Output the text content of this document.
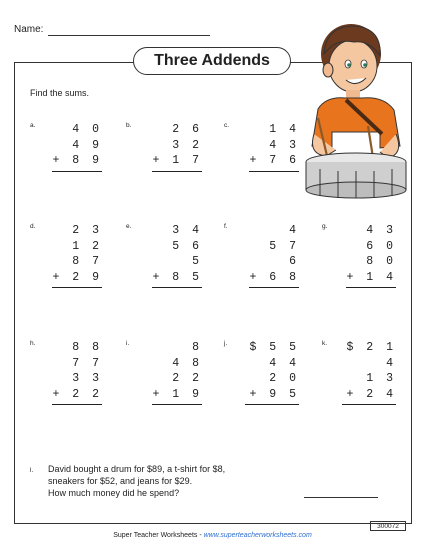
Name:
Three Addends
Find the sums.
a.	4 0
4 9
+ 8 9
b.	2 6
3 2
+ 1 7
c.	1 4
4 3
+ 7 6
d.	2 3
1 2
8 7
+ 2 9
e.	3 4
5 6
5
+ 8 5
f.	4
5 7
6
+ 6 8
g.	4 3
6 0
8 0
+ 1 4
h.	8 8
7 7
3 3
+ 2 2
i.	8
4 8
2 2
+ 1 9
j.	$ 5 5
4 4
2 0
+ 9 5
k.	$ 2 1
4
1 3
+ 2 4
l. David bought a drum for $89, a t-shirt for $8,
sneakers for $52, and jeans for $29.
How much money did he spend?
300072
Super Teacher Worksheets - www.superteacherworksheets.com
